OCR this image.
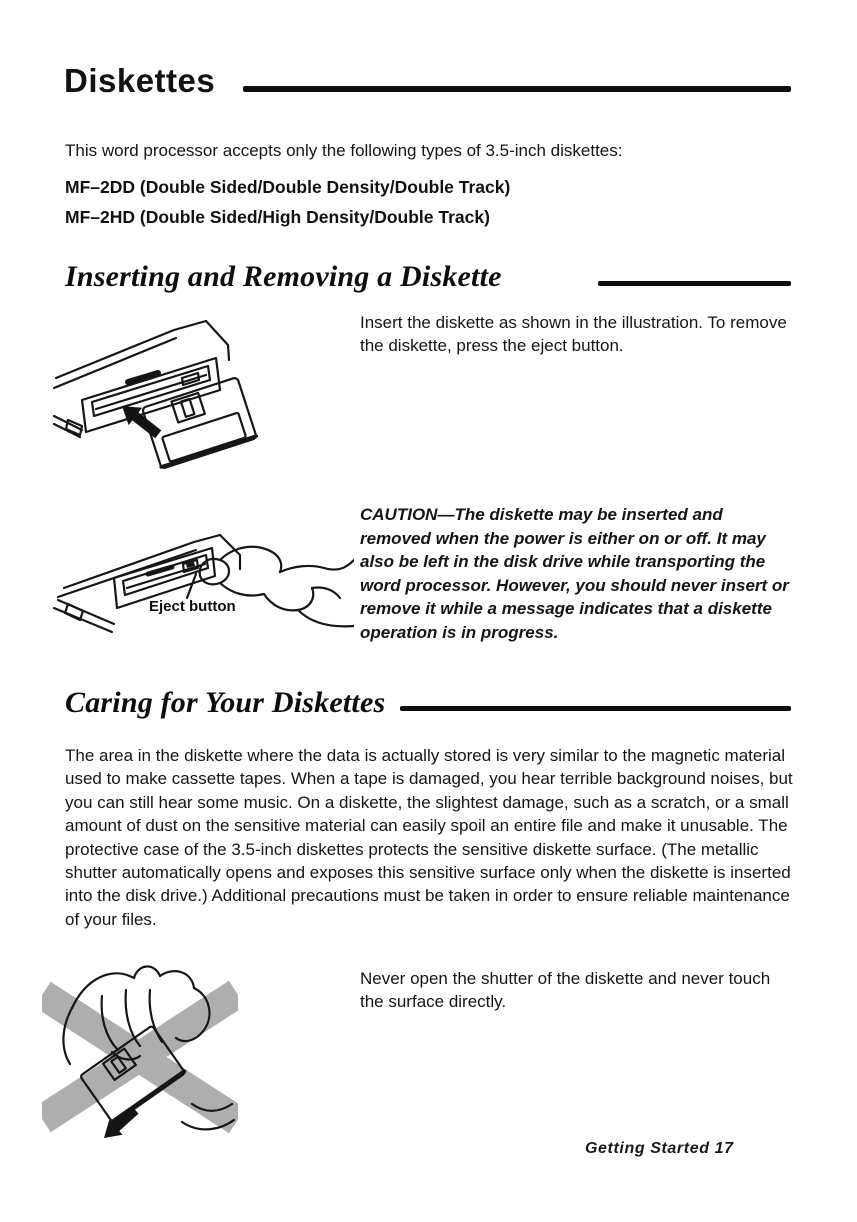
Diskettes

This word processor accepts only the following types of 3.5-inch diskettes:

MF–2DD (Double Sided/Double Density/Double Track)

MF–2HD (Double Sided/High Density/Double Track)

Inserting and Removing a Diskette

Insert the diskette as shown in the illustration. To remove the diskette, press the eject button.

Eject button

CAUTION—The diskette may be inserted and removed when the power is either on or off. It may also be left in the disk drive while transporting the word processor. However, you should never insert or remove it while a message indicates that a diskette operation is in progress.

Caring for Your Diskettes

The area in the diskette where the data is actually stored is very similar to the magnetic material used to make cassette tapes. When a tape is damaged, you hear terrible background noises, but you can still hear some music. On a diskette, the slightest damage, such as a scratch, or a small amount of dust on the sensitive material can easily spoil an entire file and make it unusable. The protective case of the 3.5-inch diskettes protects the sensitive diskette surface. (The metallic shutter automatically opens and exposes this sensitive surface only when the diskette is inserted into the disk drive.) Additional precautions must be taken in order to ensure reliable maintenance of your files.

Never open the shutter of the diskette and never touch the surface directly.

Getting Started 17
